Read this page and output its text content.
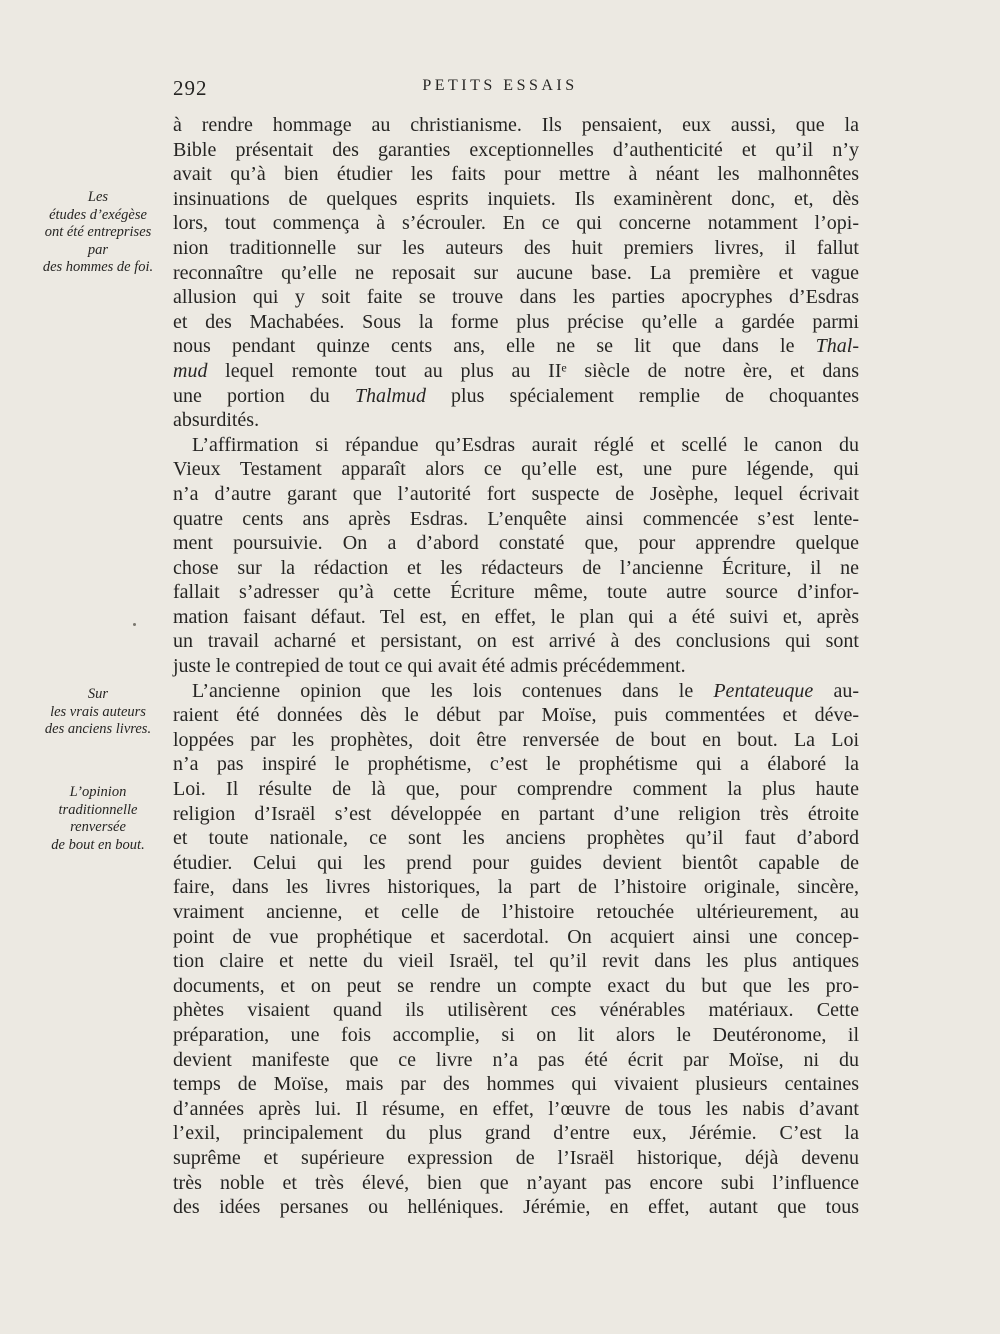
292	PETITS ESSAIS
Les
études d’exégèse
ont été entreprises
par
des hommes de foi.
Sur
les vrais auteurs
des anciens livres.
L’opinion
traditionnelle
renversée
de bout en bout.
à rendre hommage au christianisme. Ils pensaient, eux aussi, que la
Bible présentait des garanties exceptionnelles d’authenticité et qu’il n’y
avait qu’à bien étudier les faits pour mettre à néant les malhonnêtes
insinuations de quelques esprits inquiets. Ils examinèrent donc, et, dès
lors, tout commença à s’écrouler. En ce qui concerne notamment l’opi-
nion traditionnelle sur les auteurs des huit premiers livres, il fallut
reconnaître qu’elle ne reposait sur aucune base. La première et vague
allusion qui y soit faite se trouve dans les parties apocryphes d’Esdras
et des Machabées. Sous la forme plus précise qu’elle a gardée parmi
nous pendant quinze cents ans, elle ne se lit que dans le Thal-
mud lequel remonte tout au plus au IIᵉ siècle de notre ère, et dans
une portion du Thalmud plus spécialement remplie de choquantes
absurdités.
L’affirmation si répandue qu’Esdras aurait réglé et scellé le canon du
Vieux Testament apparaît alors ce qu’elle est, une pure légende, qui
n’a d’autre garant que l’autorité fort suspecte de Josèphe, lequel écrivait
quatre cents ans après Esdras. L’enquête ainsi commencée s’est lente-
ment poursuivie. On a d’abord constaté que, pour apprendre quelque
chose sur la rédaction et les rédacteurs de l’ancienne Écriture, il ne
fallait s’adresser qu’à cette Écriture même, toute autre source d’infor-
mation faisant défaut. Tel est, en effet, le plan qui a été suivi et, après
un travail acharné et persistant, on est arrivé à des conclusions qui sont
juste le contrepied de tout ce qui avait été admis précédemment.
L’ancienne opinion que les lois contenues dans le Pentateuque au-
raient été données dès le début par Moïse, puis commentées et déve-
loppées par les prophètes, doit être renversée de bout en bout. La Loi
n’a pas inspiré le prophétisme, c’est le prophétisme qui a élaboré la
Loi. Il résulte de là que, pour comprendre comment la plus haute
religion d’Israël s’est développée en partant d’une religion très étroite
et toute nationale, ce sont les anciens prophètes qu’il faut d’abord
étudier. Celui qui les prend pour guides devient bientôt capable de
faire, dans les livres historiques, la part de l’histoire originale, sincère,
vraiment ancienne, et celle de l’histoire retouchée ultérieurement, au
point de vue prophétique et sacerdotal. On acquiert ainsi une concep-
tion claire et nette du vieil Israël, tel qu’il revit dans les plus antiques
documents, et on peut se rendre un compte exact du but que les pro-
phètes visaient quand ils utilisèrent ces vénérables matériaux. Cette
préparation, une fois accomplie, si on lit alors le Deutéronome, il
devient manifeste que ce livre n’a pas été écrit par Moïse, ni du
temps de Moïse, mais par des hommes qui vivaient plusieurs centaines
d’années après lui. Il résume, en effet, l’œuvre de tous les nabis d’avant
l’exil, principalement du plus grand d’entre eux, Jérémie. C’est la
suprême et supérieure expression de l’Israël historique, déjà devenu
très noble et très élevé, bien que n’ayant pas encore subi l’influence
des idées persanes ou helléniques. Jérémie, en effet, autant que tous
